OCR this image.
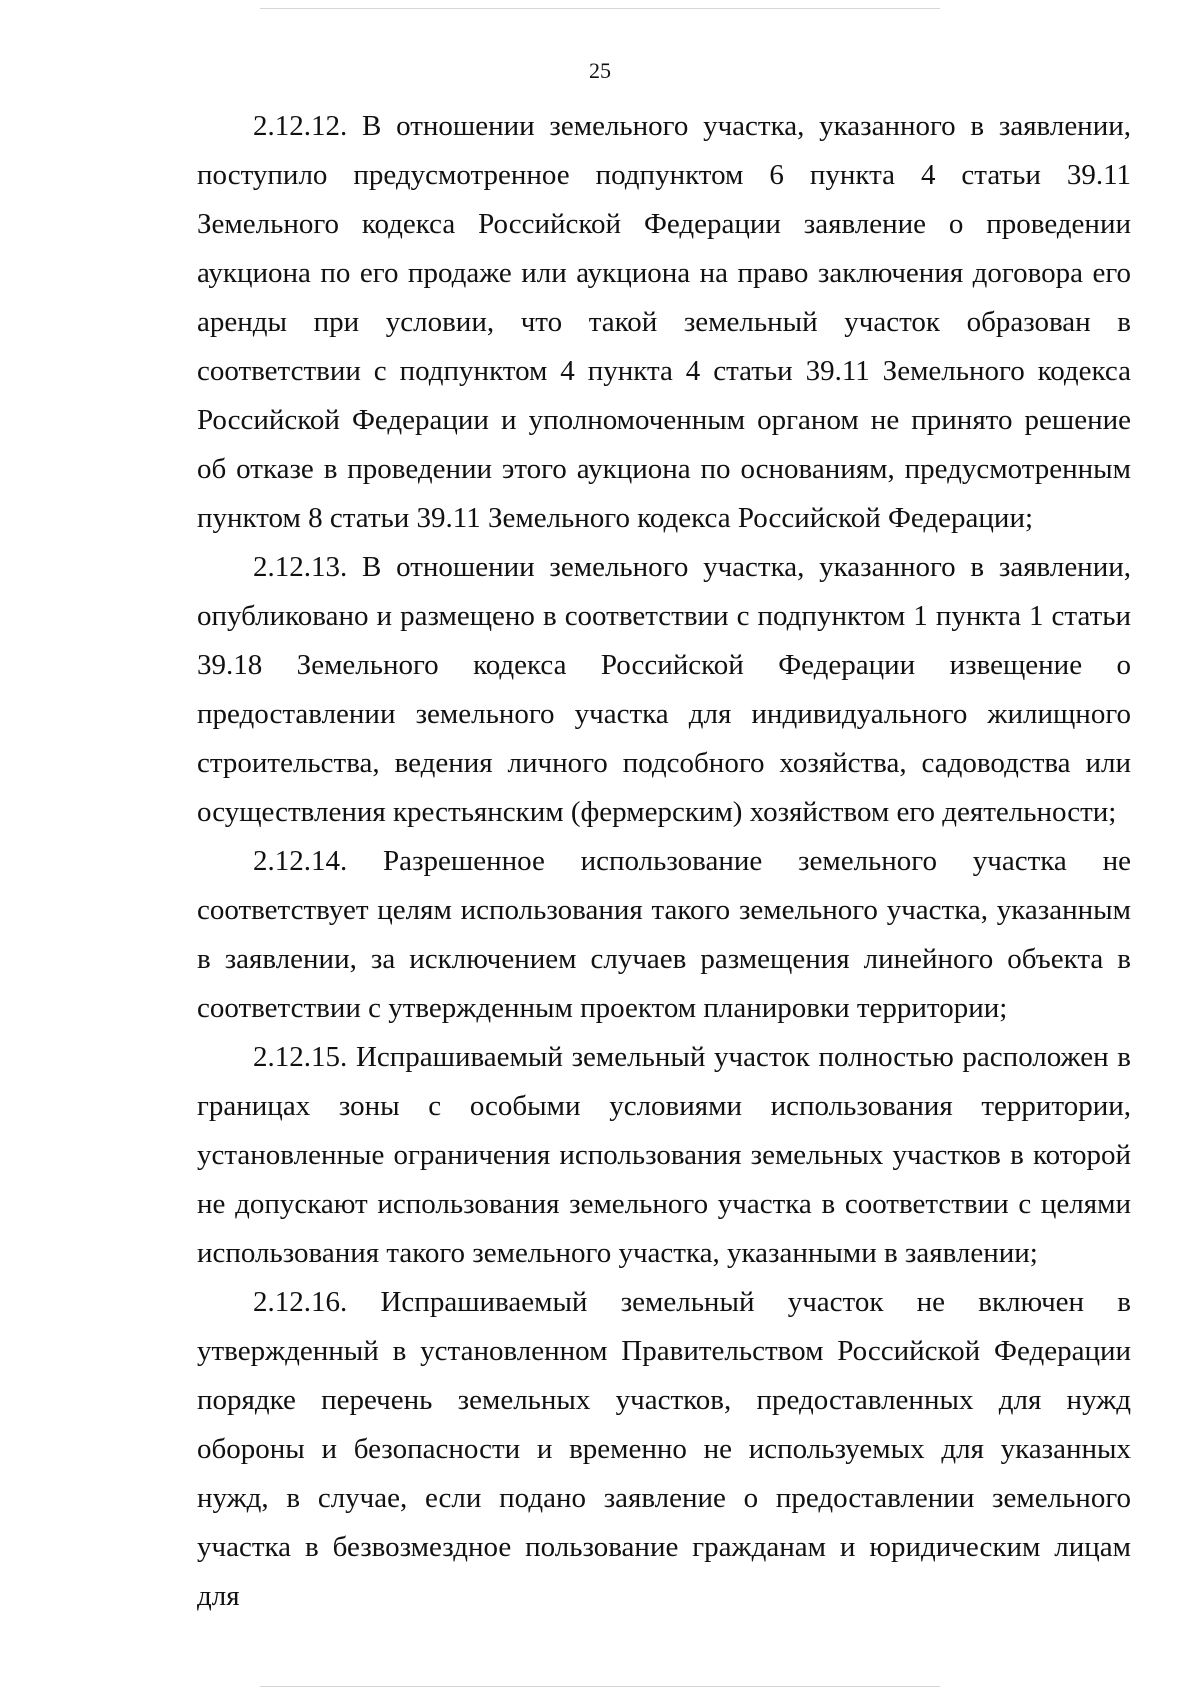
25

2.12.12. В отношении земельного участка, указанного в заявлении, поступило предусмотренное подпунктом 6 пункта 4 статьи 39.11 Земельного кодекса Российской Федерации заявление о проведении аукциона по его продаже или аукциона на право заключения договора его аренды при условии, что такой земельный участок образован в соответствии с подпунктом 4 пункта 4 статьи 39.11 Земельного кодекса Российской Федерации и уполномоченным органом не принято решение об отказе в проведении этого аукциона по основаниям, предусмотренным пунктом 8 статьи 39.11 Земельного кодекса Российской Федерации;

2.12.13. В отношении земельного участка, указанного в заявлении, опубликовано и размещено в соответствии с подпунктом 1 пункта 1 статьи 39.18 Земельного кодекса Российской Федерации извещение о предоставлении земельного участка для индивидуального жилищного строительства, ведения личного подсобного хозяйства, садоводства или осуществления крестьянским (фермерским) хозяйством его деятельности;

2.12.14. Разрешенное использование земельного участка не соответствует целям использования такого земельного участка, указанным в заявлении, за исключением случаев размещения линейного объекта в соответствии с утвержденным проектом планировки территории;

2.12.15. Испрашиваемый земельный участок полностью расположен в границах зоны с особыми условиями использования территории, установленные ограничения использования земельных участков в которой не допускают использования земельного участка в соответствии с целями использования такого земельного участка, указанными в заявлении;

2.12.16. Испрашиваемый земельный участок не включен в утвержденный в установленном Правительством Российской Федерации порядке перечень земельных участков, предоставленных для нужд обороны и безопасности и временно не используемых для указанных нужд, в случае, если подано заявление о предоставлении земельного участка в безвозмездное пользование гражданам и юридическим лицам для
